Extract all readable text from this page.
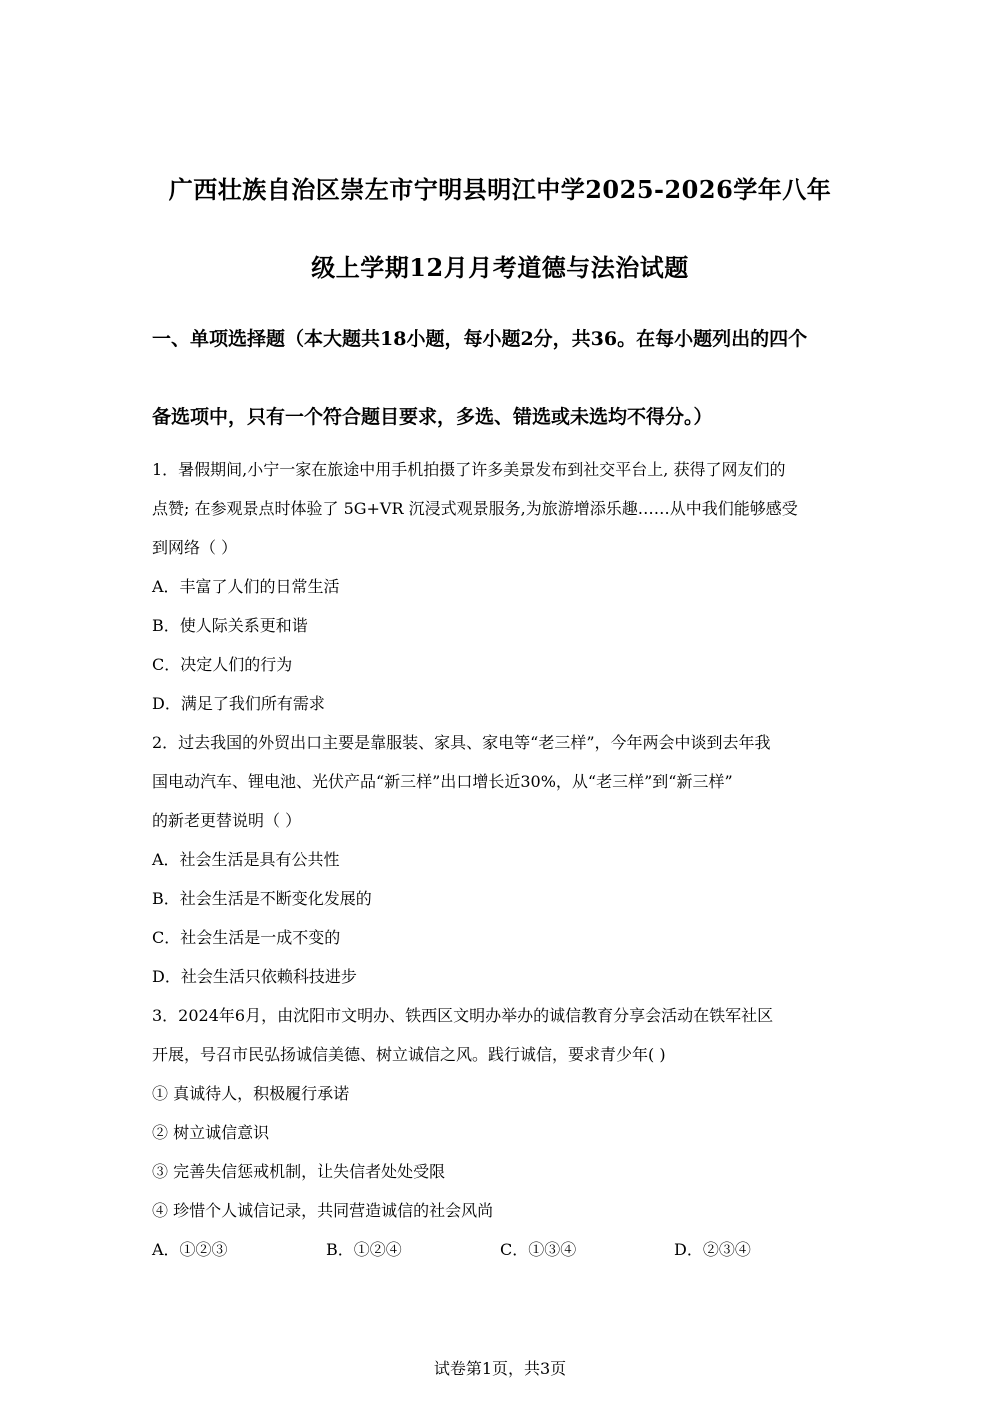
广西壮族自治区崇左市宁明县明江中学2025-2026学年八年
级上学期12月月考道德与法治试题
一、单项选择题（本大题共18小题，每小题2分，共36。在每小题列出的四个
备选项中，只有一个符合题目要求，多选、错选或未选均不得分。）
1．暑假期间,小宁一家在旅途中用手机拍摄了许多美景发布到社交平台上, 获得了网友们的
点赞; 在参观景点时体验了 5G+VR 沉浸式观景服务,为旅游增添乐趣……从中我们能够感受
到网络（ ）
A．丰富了人们的日常生活
B．使人际关系更和谐
C．决定人们的行为
D．满足了我们所有需求
2．过去我国的外贸出口主要是靠服装、家具、家电等“老三样”，今年两会中谈到去年我
国电动汽车、锂电池、光伏产品“新三样”出口增长近30%，从“老三样”到“新三样”
的新老更替说明（ ）
A．社会生活是具有公共性
B．社会生活是不断变化发展的
C．社会生活是一成不变的
D．社会生活只依赖科技进步
3．2024年6月，由沈阳市文明办、铁西区文明办举办的诚信教育分享会活动在铁军社区
开展，号召市民弘扬诚信美德、树立诚信之风。践行诚信，要求青少年( )
① 真诚待人，积极履行承诺
② 树立诚信意识
③ 完善失信惩戒机制，让失信者处处受限
④ 珍惜个人诚信记录，共同营造诚信的社会风尚
A．①②③	B．①②④	C．①③④	D．②③④
试卷第1页，共3页
